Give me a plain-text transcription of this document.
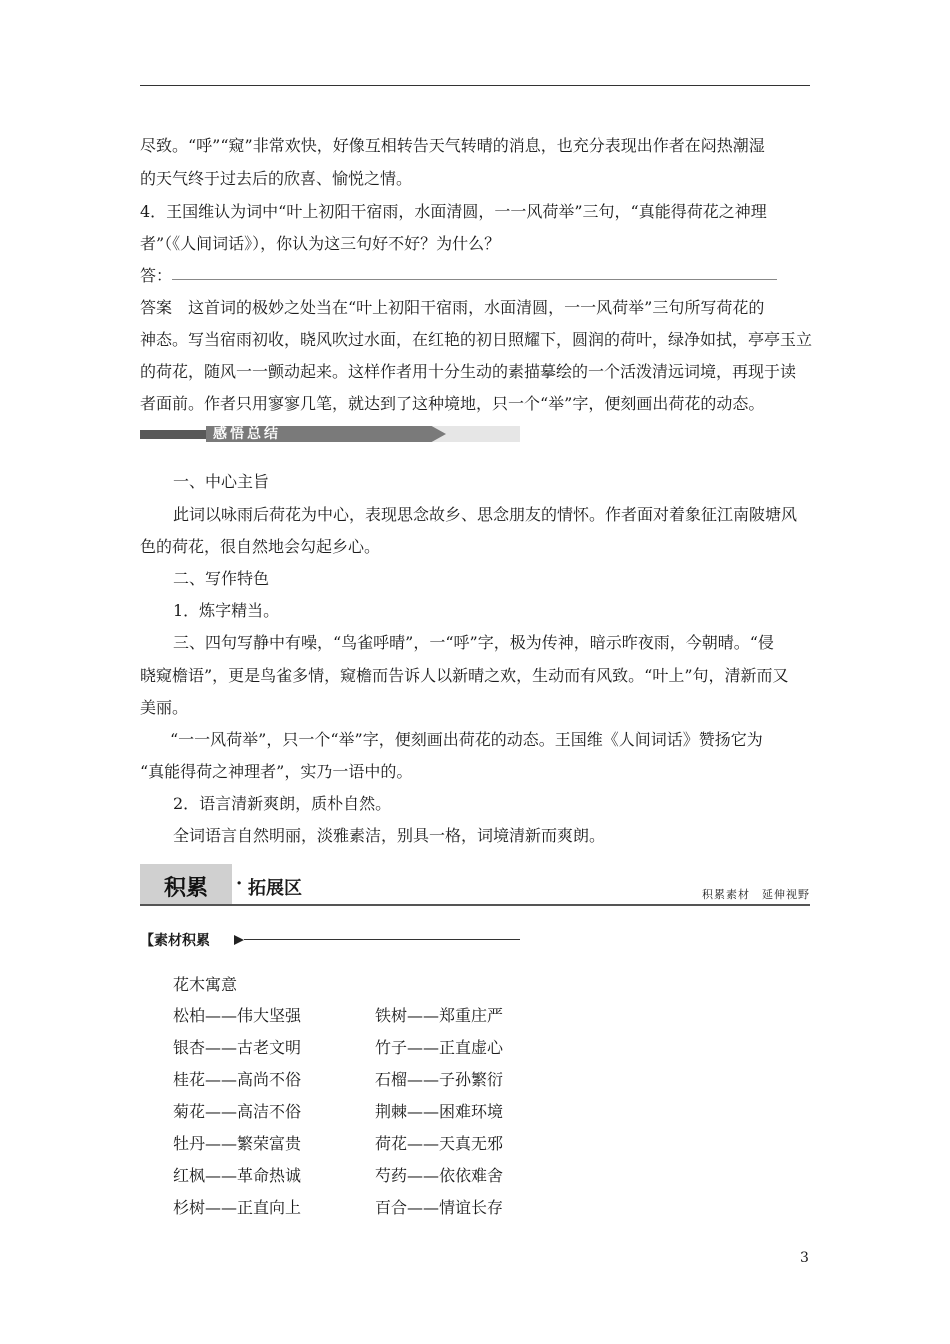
尽致。“呼”“窥”非常欢快，好像互相转告天气转晴的消息，也充分表现出作者在闷热潮湿
的天气终于过去后的欣喜、愉悦之情。
4．王国维认为词中“叶上初阳干宿雨，水面清圆，一一风荷举”三句，“真能得荷花之神理
者”（《人间词话》），你认为这三句好不好？为什么？
答：
答案　这首词的极妙之处当在“叶上初阳干宿雨，水面清圆，一一风荷举”三句所写荷花的
神态。写当宿雨初收，晓风吹过水面，在红艳的初日照耀下，圆润的荷叶，绿净如拭，亭亭玉立
的荷花，随风一一颤动起来。这样作者用十分生动的素描摹绘的一个活泼清远词境，再现于读
者面前。作者只用寥寥几笔，就达到了这种境地，只一个“举”字，便刻画出荷花的动态。
感悟总结
一、中心主旨
此词以咏雨后荷花为中心，表现思念故乡、思念朋友的情怀。作者面对着象征江南陂塘风
色的荷花，很自然地会勾起乡心。
二、写作特色
1．炼字精当。
三、四句写静中有噪，“鸟雀呼晴”，一“呼”字，极为传神，暗示昨夜雨，今朝晴。“侵
晓窥檐语”，更是鸟雀多情，窥檐而告诉人以新晴之欢，生动而有风致。“叶上”句，清新而又
美丽。
“一一风荷举”，只一个“举”字，便刻画出荷花的动态。王国维《人间词话》赞扬它为
“真能得荷之神理者”，实乃一语中的。
2．语言清新爽朗，质朴自然。
全词语言自然明丽，淡雅素洁，别具一格，词境清新而爽朗。
积累 · 拓展区	积累素材　延伸视野
【素材积累
花木寓意
松柏——伟大坚强	铁树——郑重庄严
银杏——古老文明	竹子——正直虚心
桂花——高尚不俗	石榴——子孙繁衍
菊花——高洁不俗	荆棘——困难环境
牡丹——繁荣富贵	荷花——天真无邪
红枫——革命热诚	芍药——依依难舍
杉树——正直向上	百合——情谊长存
3
